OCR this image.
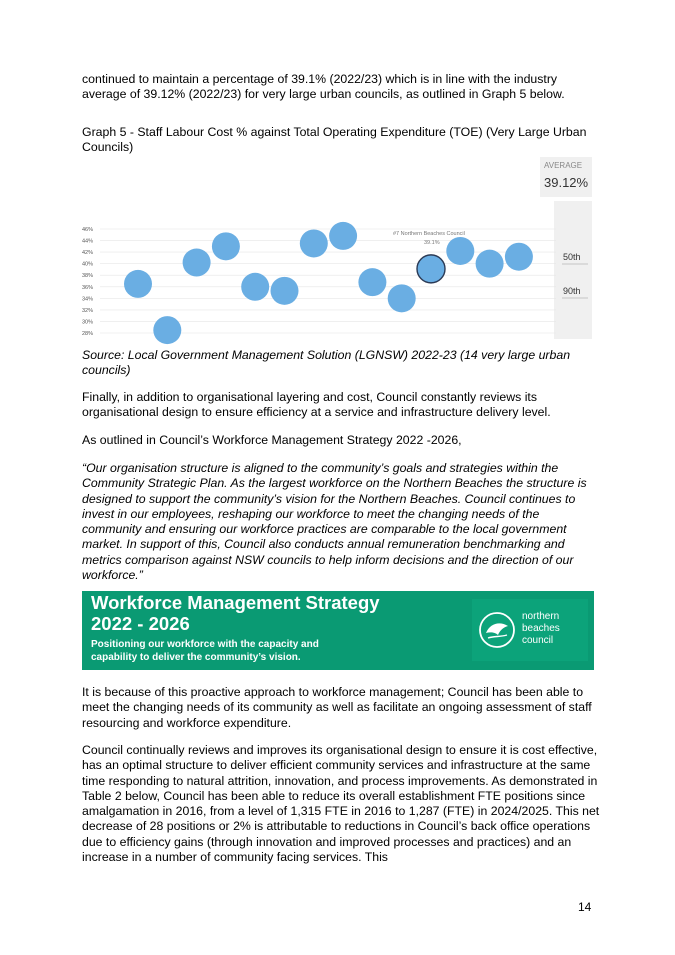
continued to maintain a percentage of 39.1% (2022/23) which is in line with the industry average of 39.12% (2022/23) for very large urban councils, as outlined in Graph 5 below.

Graph 5 - Staff Labour Cost % against Total Operating Expenditure (TOE) (Very Large Urban Councils)

AVERAGE
39.12%
46%
44%
42%
40%
38%
36%
34%
32%
30%
28%
#7 Northern Beaches Council
39.1%
50th
90th

Source: Local Government Management Solution (LGNSW) 2022-23 (14 very large urban councils)

Finally, in addition to organisational layering and cost, Council constantly reviews its organisational design to ensure efficiency at a service and infrastructure delivery level.

As outlined in Council’s Workforce Management Strategy 2022 -2026,

“Our organisation structure is aligned to the community’s goals and strategies within the Community Strategic Plan. As the largest workforce on the Northern Beaches the structure is designed to support the community’s vision for the Northern Beaches. Council continues to invest in our employees, reshaping our workforce to meet the changing needs of the community and ensuring our workforce practices are comparable to the local government market. In support of this, Council also conducts annual remuneration benchmarking and metrics comparison against NSW councils to help inform decisions and the direction of our workforce.”

Workforce Management Strategy 2022 - 2026
Positioning our workforce with the capacity and capability to deliver the community’s vision.
northern beaches council

It is because of this proactive approach to workforce management; Council has been able to meet the changing needs of its community as well as facilitate an ongoing assessment of staff resourcing and workforce expenditure.

Council continually reviews and improves its organisational design to ensure it is cost effective, has an optimal structure to deliver efficient community services and infrastructure at the same time responding to natural attrition, innovation, and process improvements. As demonstrated in Table 2 below, Council has been able to reduce its overall establishment FTE positions since amalgamation in 2016, from a level of 1,315 FTE in 2016 to 1,287 (FTE) in 2024/2025. This net decrease of 28 positions or 2% is attributable to reductions in Council’s back office operations due to efficiency gains (through innovation and improved processes and practices) and an increase in a number of community facing services. This

14
